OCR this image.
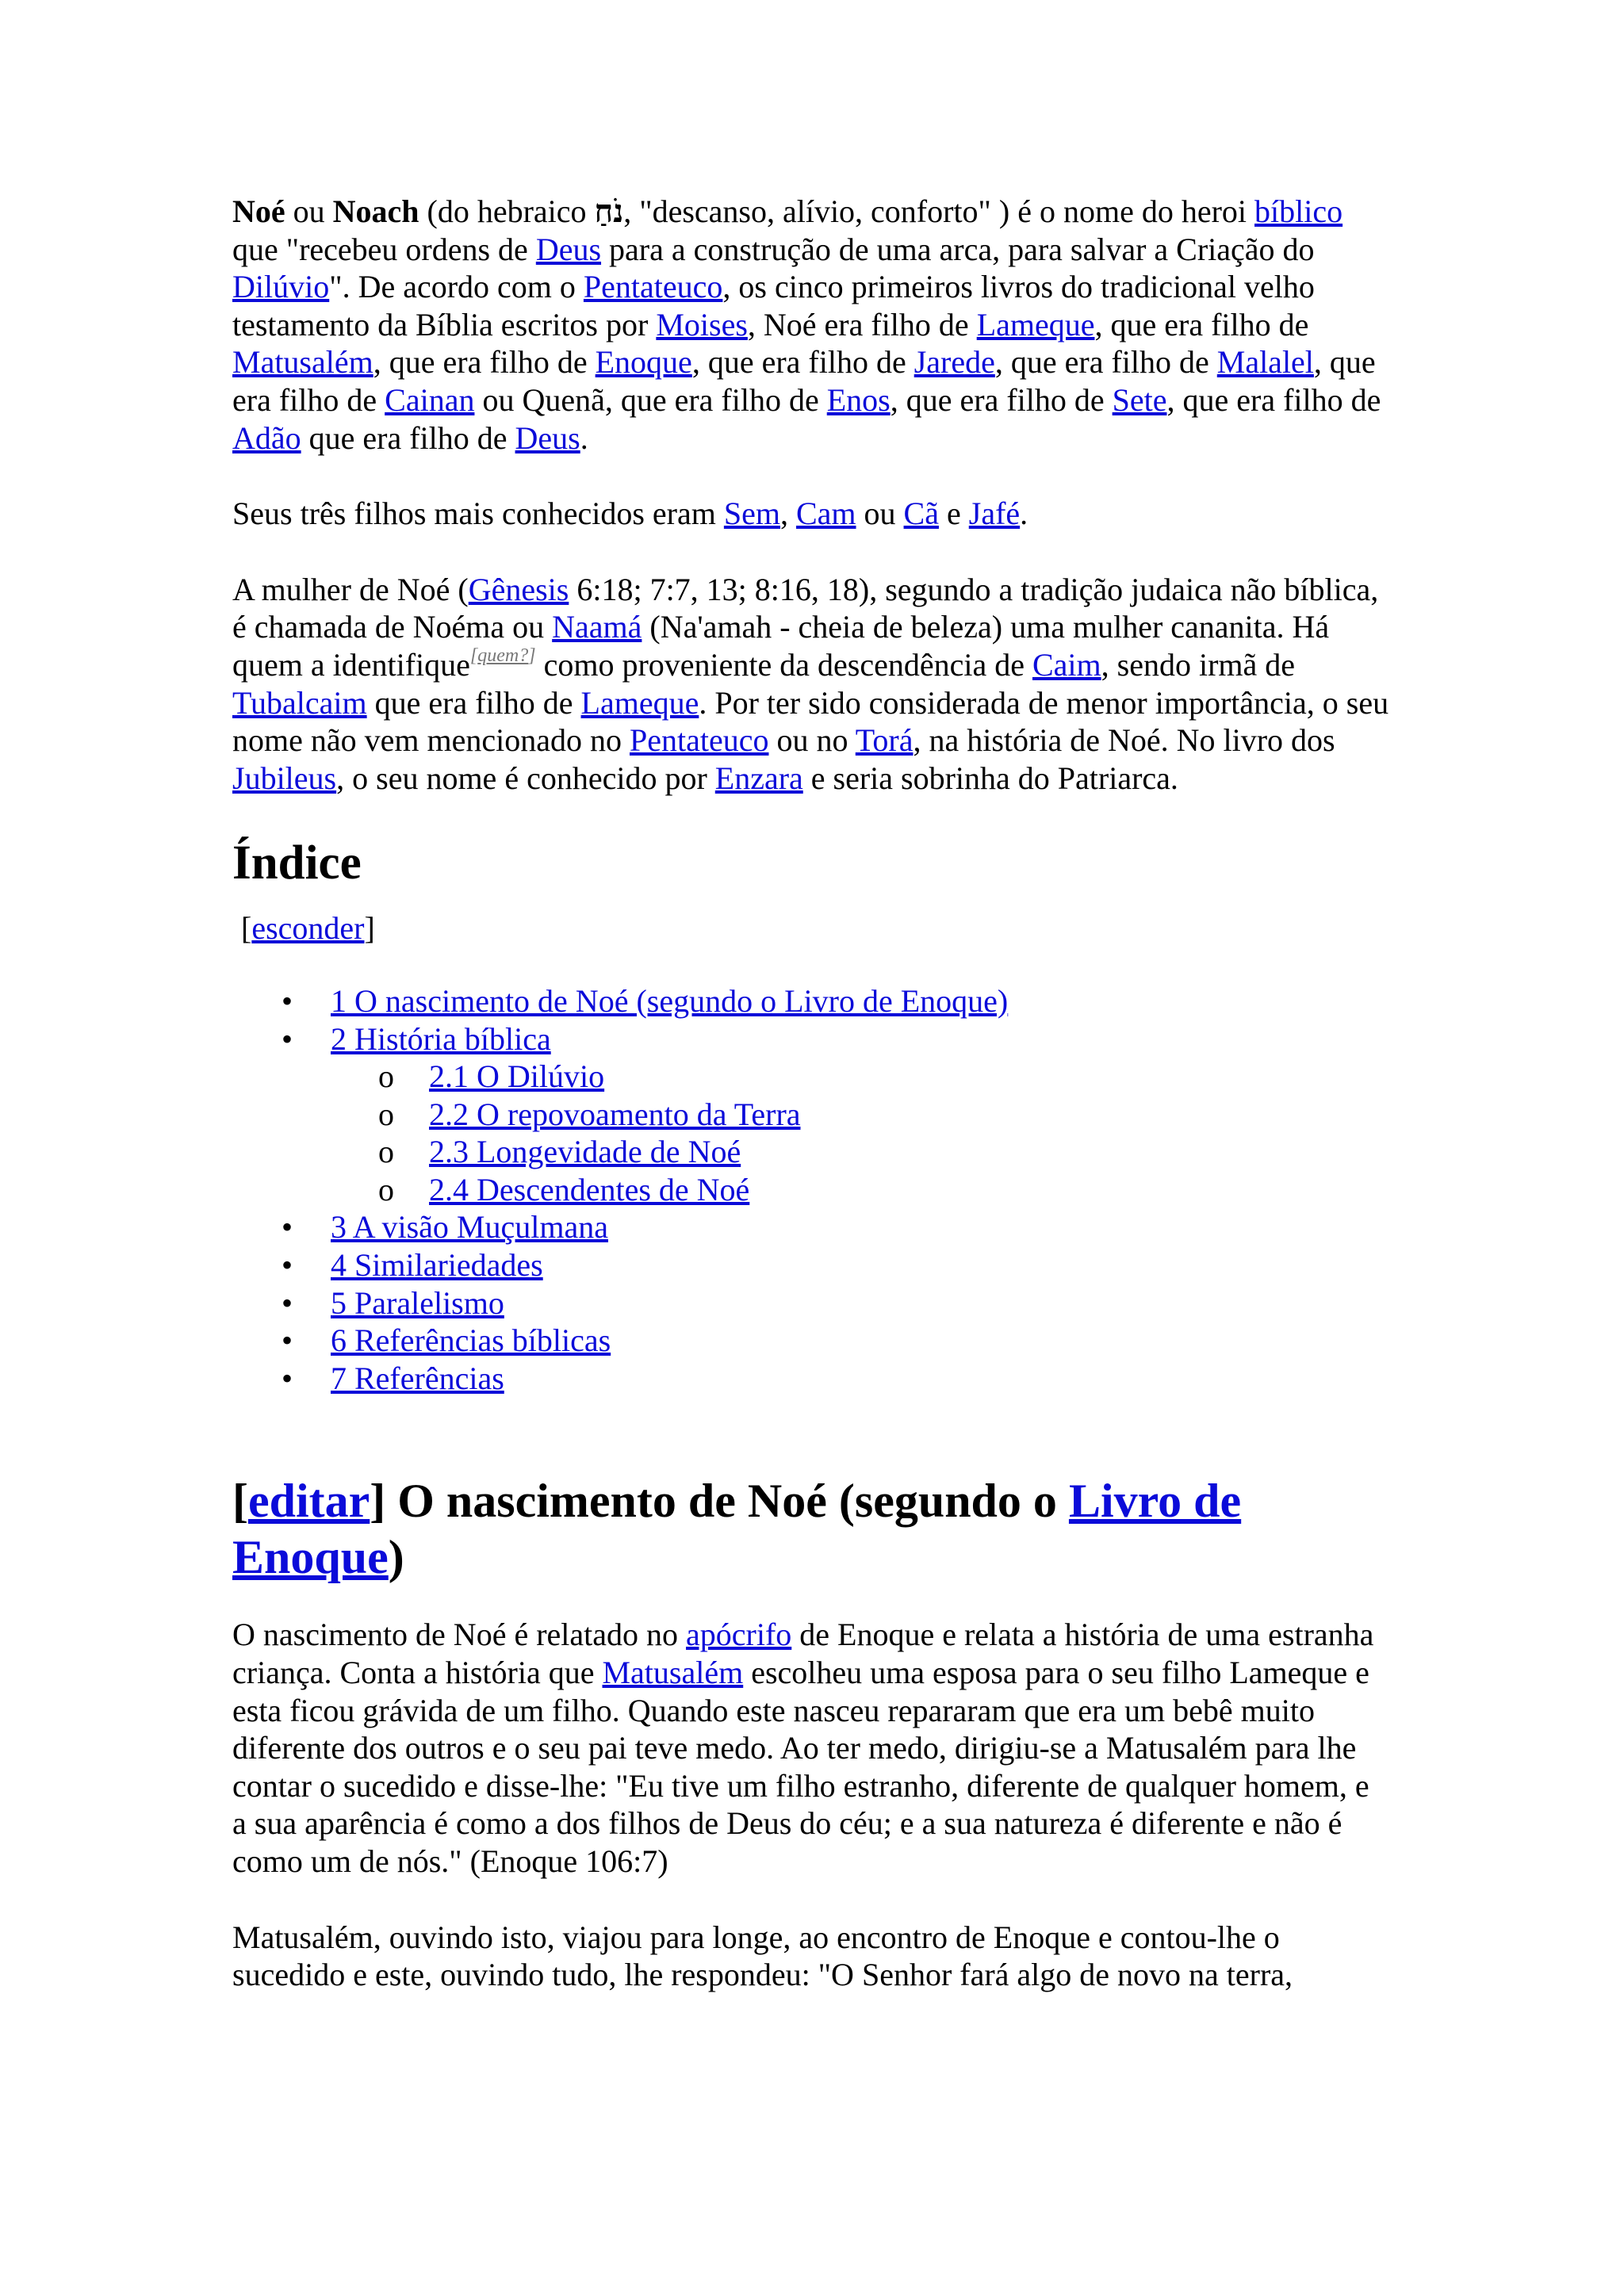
Noé ou Noach (do hebraico נֹחַ, "descanso, alívio, conforto" ) é o nome do heroi bíblico que "recebeu ordens de Deus para a construção de uma arca, para salvar a Criação do Dilúvio". De acordo com o Pentateuco, os cinco primeiros livros do tradicional velho testamento da Bíblia escritos por Moises, Noé era filho de Lameque, que era filho de Matusalém, que era filho de Enoque, que era filho de Jarede, que era filho de Malalel, que era filho de Cainan ou Quenã, que era filho de Enos, que era filho de Sete, que era filho de Adão que era filho de Deus.

Seus três filhos mais conhecidos eram Sem, Cam ou Cã e Jafé.

A mulher de Noé (Gênesis 6:18; 7:7, 13; 8:16, 18), segundo a tradição judaica não bíblica, é chamada de Noéma ou Naamá (Na'amah - cheia de beleza) uma mulher cananita. Há quem a identifique[quem?] como proveniente da descendência de Caim, sendo irmã de Tubalcaim que era filho de Lameque. Por ter sido considerada de menor importância, o seu nome não vem mencionado no Pentateuco ou no Torá, na história de Noé. No livro dos Jubileus, o seu nome é conhecido por Enzara e seria sobrinha do Patriarca.

Índice
[esconder]
• 1 O nascimento de Noé (segundo o Livro de Enoque)
• 2 História bíblica
o 2.1 O Dilúvio
o 2.2 O repovoamento da Terra
o 2.3 Longevidade de Noé
o 2.4 Descendentes de Noé
• 3 A visão Muçulmana
• 4 Similariedades
• 5 Paralelismo
• 6 Referências bíblicas
• 7 Referências
[editar] O nascimento de Noé (segundo o Livro de Enoque)

O nascimento de Noé é relatado no apócrifo de Enoque e relata a história de uma estranha criança. Conta a história que Matusalém escolheu uma esposa para o seu filho Lameque e esta ficou grávida de um filho. Quando este nasceu repararam que era um bebê muito diferente dos outros e o seu pai teve medo. Ao ter medo, dirigiu-se a Matusalém para lhe contar o sucedido e disse-lhe: "Eu tive um filho estranho, diferente de qualquer homem, e a sua aparência é como a dos filhos de Deus do céu; e a sua natureza é diferente e não é como um de nós." (Enoque 106:7)

Matusalém, ouvindo isto, viajou para longe, ao encontro de Enoque e contou-lhe o sucedido e este, ouvindo tudo, lhe respondeu: "O Senhor fará algo de novo na terra,
